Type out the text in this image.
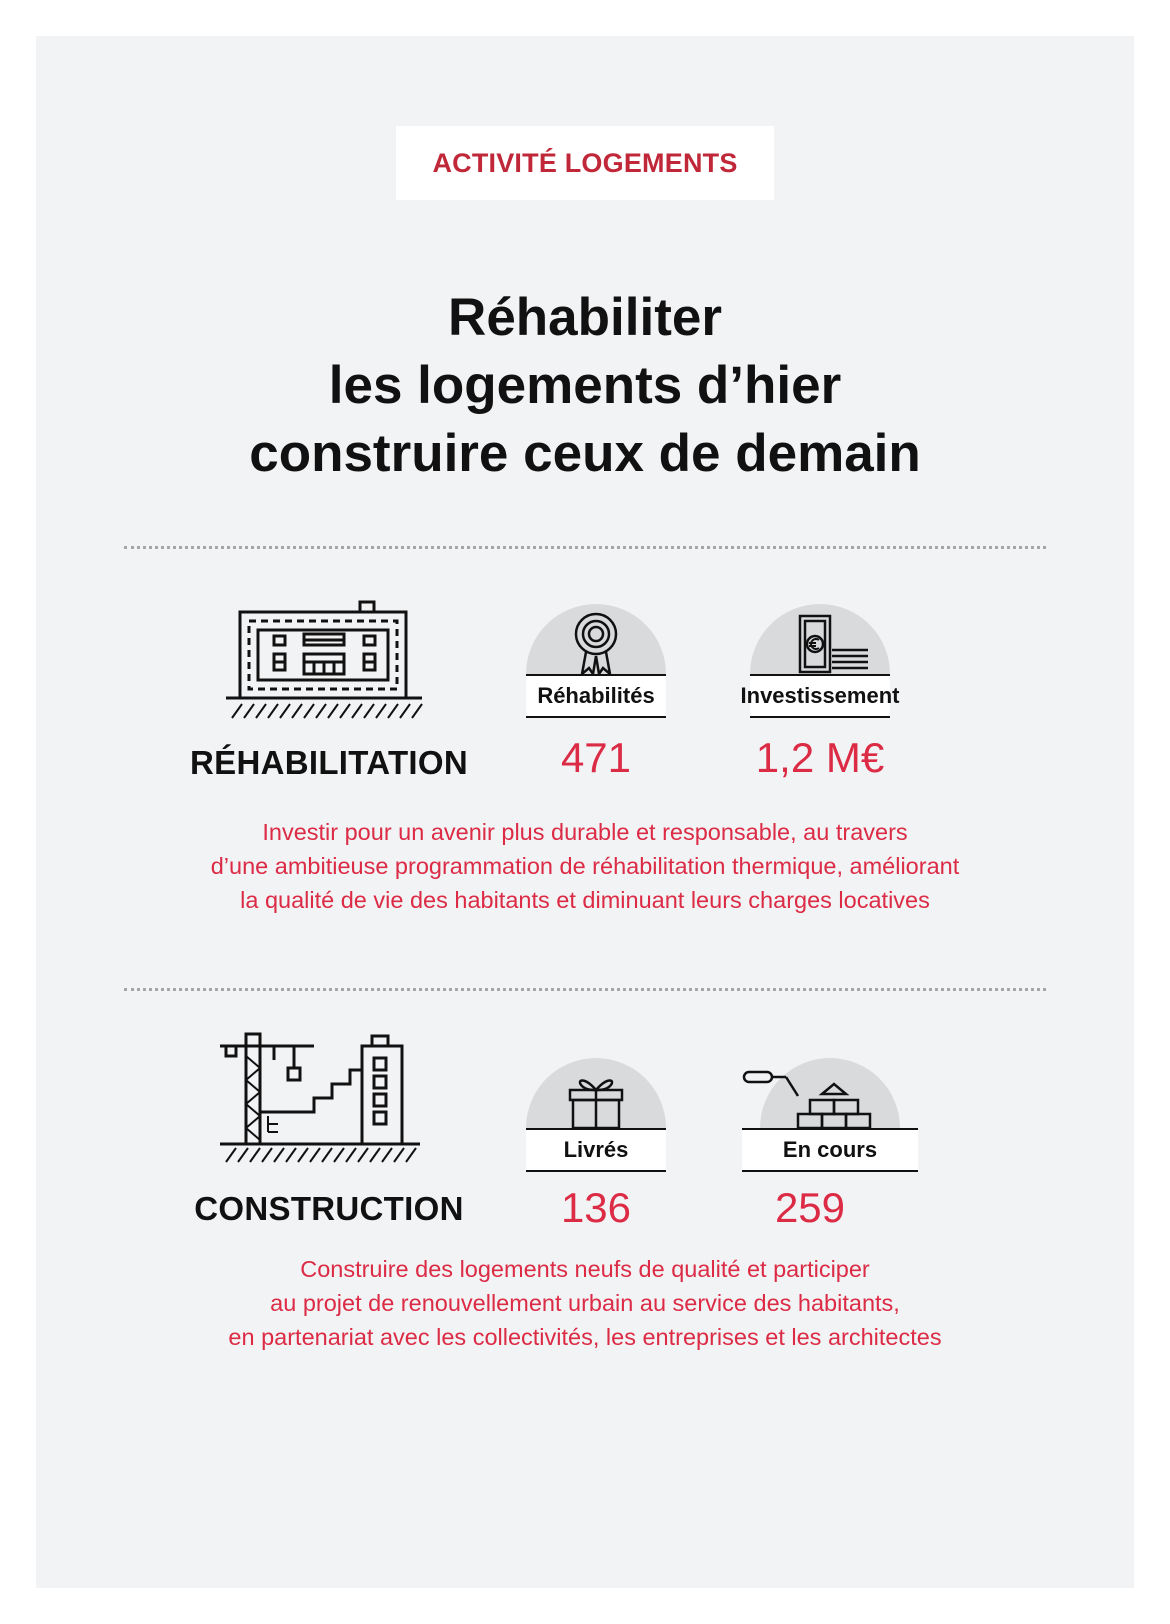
ACTIVITÉ LOGEMENTS
Réhabiliter
les logements d’hier
construire ceux de demain
RÉHABILITATION
Réhabilités
471
Investissement
1,2 M€
Investir pour un avenir plus durable et responsable, au travers
d’une ambitieuse programmation de réhabilitation thermique, améliorant
la qualité de vie des habitants et diminuant leurs charges locatives
CONSTRUCTION
Livrés
136
En cours
259
Construire des logements neufs de qualité et participer
au projet de renouvellement urbain au service des habitants,
en partenariat avec les collectivités, les entreprises et les architectes
